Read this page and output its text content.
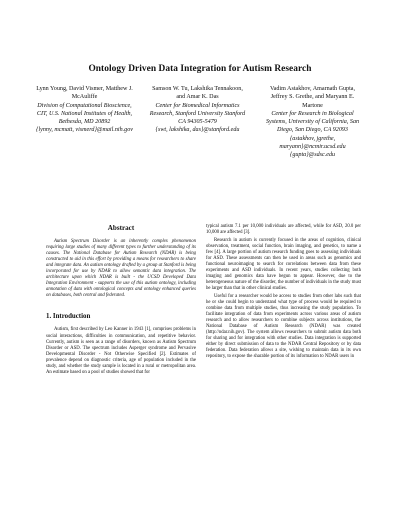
Ontology Driven Data Integration for Autism Research
Lynn Young, David Vismer, Matthew J. McAuliffe
Division of Computational Bioscience, CIT, U.S. National Institutes of Health, Bethesda, MD 20892
{lynny, mcmatt, vismerd}@mail.nih.gov
Samson W. Tu, Lakshika Tennakoon, and Amar K. Das
Center for Biomedical Informatics Research, Stanford University Stanford CA 94305-5479
{swt, lakshika, das}@stanford.edu
Vadim Astakhov, Amarnath Gupta, Jeffrey S. Grethe, and Maryann E. Martone
Center for Research in Biological Systems, University of California, San Diego, San Diego, CA 92093
{astakhov, jgrethe, maryann}@ncmir.ucsd.edu {gupta}@sdsc.edu
Abstract

Autism Spectrum Disorder is an inherently complex phenomenon requiring large studies of many different types to further understanding of its causes. The National Database for Autism Research (NDAR) is being constructed to aid in this effort by providing a means for researchers to share and integrate data. An autism ontology drafted by a group at Stanford is being incorporated for use by NDAR to allow semantic data integration. The architecture upon which NDAR is built - the UCSD Developed Data Integration Environment - supports the use of this autism ontology, including annotation of data with ontological concepts and ontology enhanced queries on databases, both central and federated.

1. Introduction

Autism, first described by Leo Kanner in 1943 [1], comprises problems in social interactions, difficulties in communication, and repetitive behavior. Currently, autism is seen as a range of disorders, known as Autism Spectrum Disorder or ASD. The spectrum includes Asperger syndrome and Pervasive Developmental Disorder - Not Otherwise Specified [2]. Estimates of prevalence depend on diagnostic criteria, age of population included in the study, and whether the study sample is located in a rural or metropolitan area. An estimate based on a pool of studies showed that for

typical autism 7.1 per 10,000 individuals are affected, while for ASD, 20.0 per 10,000 are affected [3].

Research in autism is currently focused in the areas of cognition, clinical observation, treatment, social function, brain imaging, and genetics, to name a few [4]. A large portion of autism research funding goes to assessing individuals for ASD. These assessments can then be used in areas such as genomics and functional neuroimaging to search for correlations between data from these experiments and ASD individuals. In recent years, studies collecting both imaging and genomics data have begun to appear. However, due to the heterogeneous nature of the disorder, the number of individuals in the study must be larger than that in other clinical studies.

Useful for a researcher would be access to studies from other labs such that he or she could begin to understand what type of process would be required to combine data from multiple studies, thus increasing the study population. To facilitate integration of data from experiments across various areas of autism research and to allow researchers to combine subjects across institutions, the National Database of Autism Research (NDAR) was created (http://ndar.nih.gov). The system allows researchers to submit autism data both for sharing and for integration with other studies. Data integration is supported either by direct submission of data to the NDAR Central Repository or by data federation. Data federation allows a site, wishing to maintain data in its own repository, to expose the sharable portion of its information to NDAR users in
